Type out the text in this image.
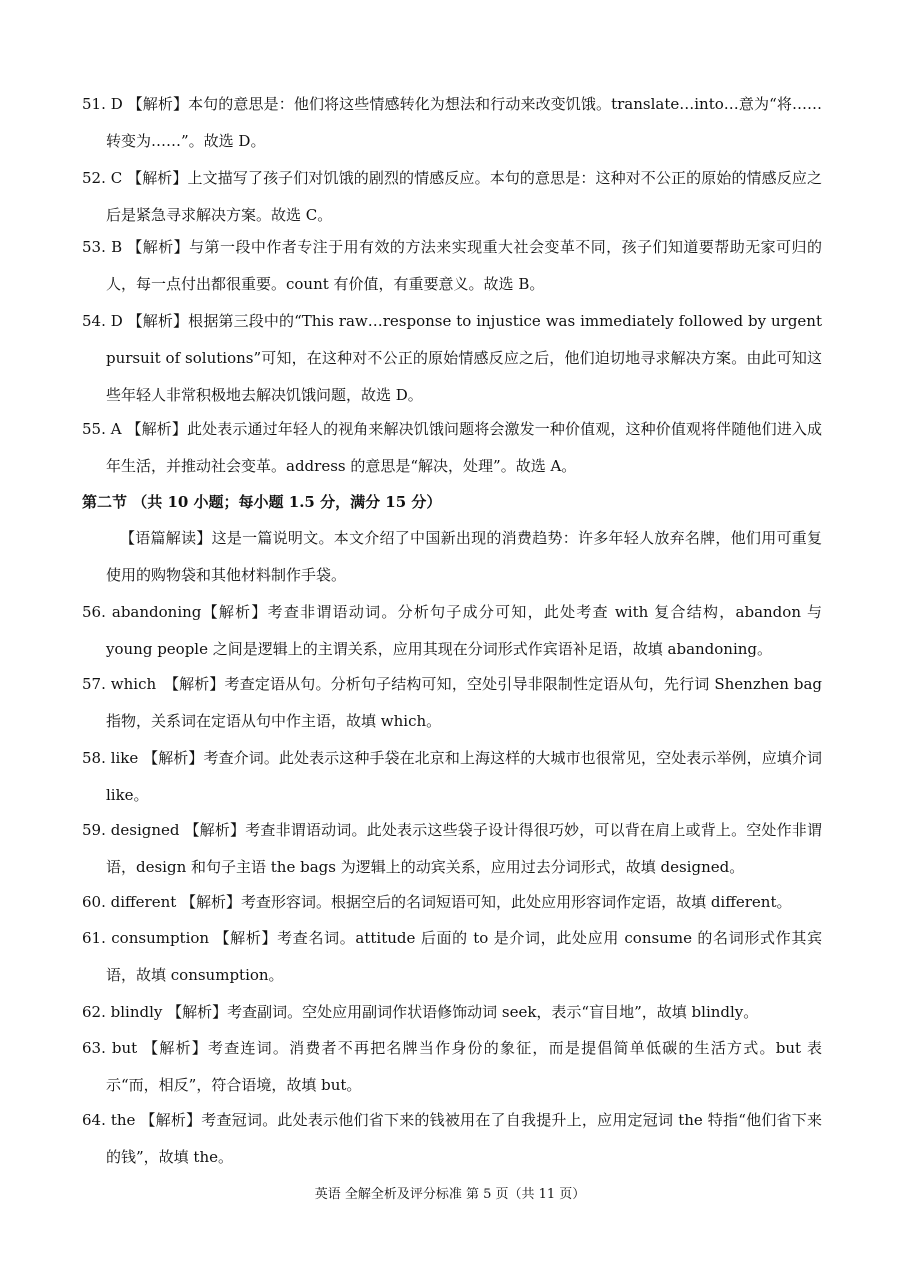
51. D 【解析】本句的意思是：他们将这些情感转化为想法和行动来改变饥饿。translate…into…意为“将……转变为……”。故选 D。
52. C 【解析】上文描写了孩子们对饥饿的剧烈的情感反应。本句的意思是：这种对不公正的原始的情感反应之后是紧急寻求解决方案。故选 C。
53. B 【解析】与第一段中作者专注于用有效的方法来实现重大社会变革不同，孩子们知道要帮助无家可归的人，每一点付出都很重要。count 有价值，有重要意义。故选 B。
54. D 【解析】根据第三段中的“This raw…response to injustice was immediately followed by urgent pursuit of solutions”可知，在这种对不公正的原始情感反应之后，他们迫切地寻求解决方案。由此可知这些年轻人非常积极地去解决饥饿问题，故选 D。
55. A 【解析】此处表示通过年轻人的视角来解决饥饿问题将会激发一种价值观，这种价值观将伴随他们进入成年生活，并推动社会变革。address 的意思是“解决，处理”。故选 A。
第二节 （共 10 小题；每小题 1.5 分，满分 15 分）
【语篇解读】这是一篇说明文。本文介绍了中国新出现的消费趋势：许多年轻人放弃名牌，他们用可重复使用的购物袋和其他材料制作手袋。
56. abandoning【解析】考查非谓语动词。分析句子成分可知，此处考查 with 复合结构，abandon 与 young people 之间是逻辑上的主谓关系，应用其现在分词形式作宾语补足语，故填 abandoning。
57. which　【解析】考查定语从句。分析句子结构可知，空处引导非限制性定语从句，先行词 Shenzhen bag 指物，关系词在定语从句中作主语，故填 which。
58. like 【解析】考查介词。此处表示这种手袋在北京和上海这样的大城市也很常见，空处表示举例，应填介词 like。
59. designed 【解析】考查非谓语动词。此处表示这些袋子设计得很巧妙，可以背在肩上或背上。空处作非谓语，design 和句子主语 the bags 为逻辑上的动宾关系，应用过去分词形式，故填 designed。
60. different 【解析】考查形容词。根据空后的名词短语可知，此处应用形容词作定语，故填 different。
61. consumption 【解析】考查名词。attitude 后面的 to 是介词，此处应用 consume 的名词形式作其宾语，故填 consumption。
62. blindly 【解析】考查副词。空处应用副词作状语修饰动词 seek，表示“盲目地”，故填 blindly。
63. but 【解析】考查连词。消费者不再把名牌当作身份的象征，而是提倡简单低碳的生活方式。but 表示“而，相反”，符合语境，故填 but。
64. the 【解析】考查冠词。此处表示他们省下来的钱被用在了自我提升上，应用定冠词 the 特指“他们省下来的钱”，故填 the。
英语 全解全析及评分标准 第 5 页（共 11 页）
